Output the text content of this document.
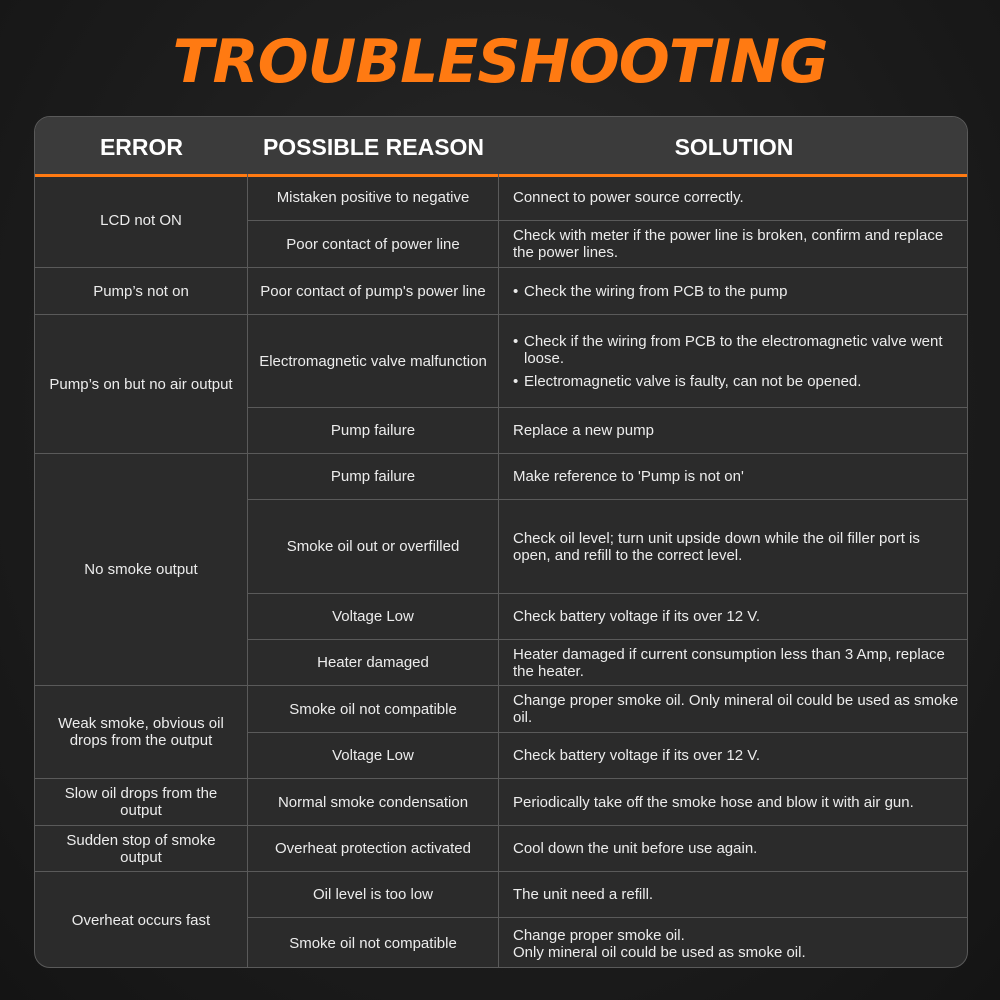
TROUBLESHOOTING
ERROR	POSSIBLE REASON	SOLUTION
LCD not ON
Pump’s not on
Pump’s on but no air output
No smoke output
Weak smoke, obvious oil drops from the output
Slow oil drops from the output
Sudden stop of smoke output
Overheat occurs fast
Mistaken positive to negative
Poor contact of power line
Poor contact of pump's power line
Electromagnetic valve malfunction
Pump failure
Pump failure
Smoke oil out or overfilled
Voltage Low
Heater damaged
Smoke oil not compatible
Voltage Low
Normal smoke condensation
Overheat protection activated
Oil level is too low
Smoke oil not compatible
Connect to power source correctly.
Check with meter if the power line is broken, confirm and replace the power lines.
• Check the wiring from PCB to the pump
• Check if the wiring from PCB to the electromagnetic valve went loose.
• Electromagnetic valve is faulty, can not be opened.
Replace a new pump
Make reference to 'Pump is not on'
Check oil level; turn unit upside down while the oil filler port is open, and refill to the correct level.
Check battery voltage if its over 12 V.
Heater damaged if current consumption less than 3 Amp, replace the heater.
Change proper smoke oil. Only mineral oil could be used as smoke oil.
Check battery voltage if its over 12 V.
Periodically take off the smoke hose and blow it with air gun.
Cool down the unit before use again.
The unit need a refill.
Change proper smoke oil.
Only mineral oil could be used as smoke oil.
